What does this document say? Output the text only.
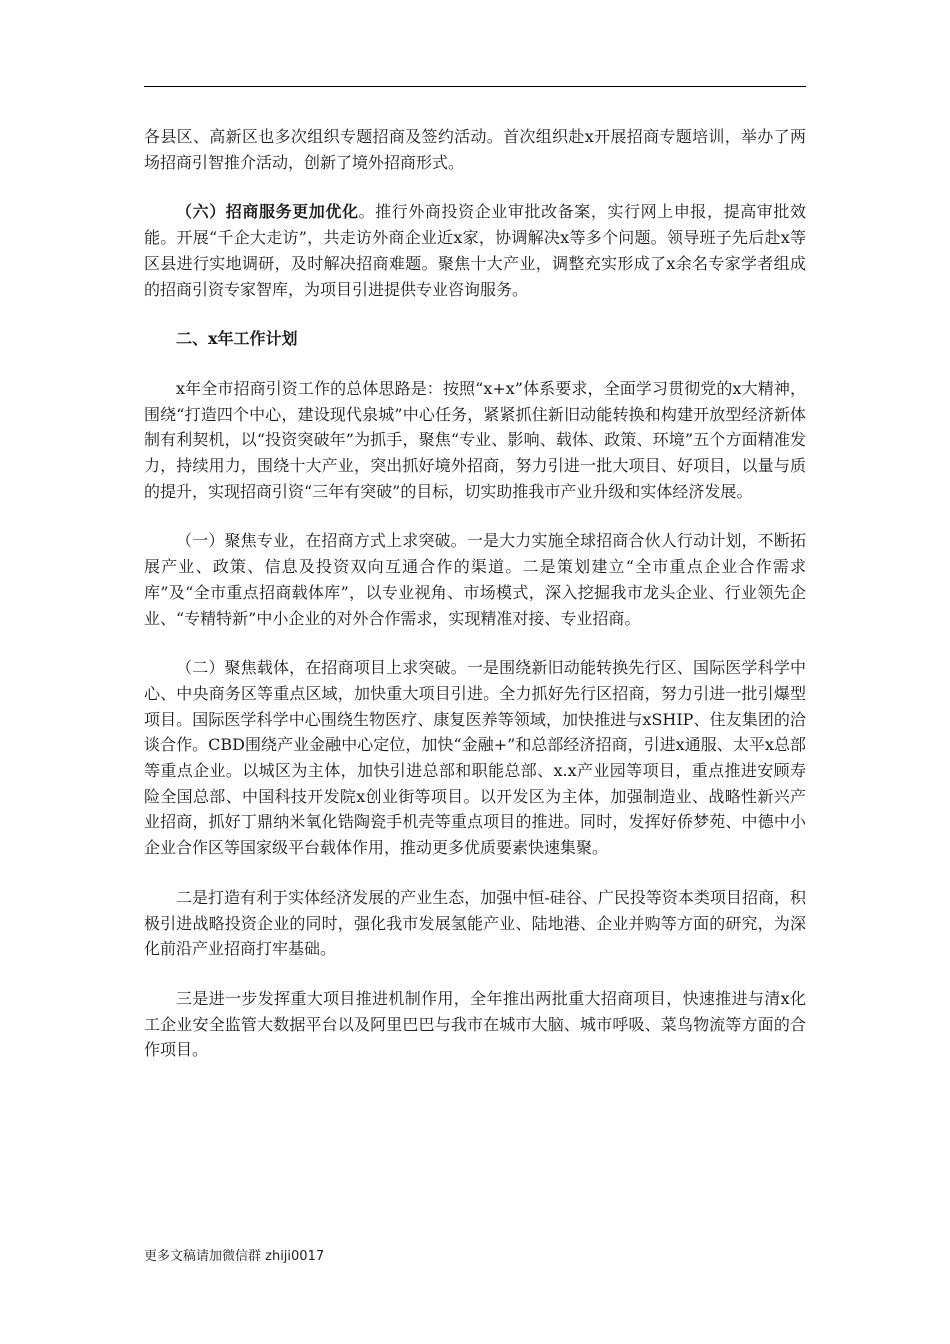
各县区、高新区也多次组织专题招商及签约活动。首次组织赴x开展招商专题培训，举办了两场招商引智推介活动，创新了境外招商形式。

（六）招商服务更加优化。推行外商投资企业审批改备案，实行网上申报，提高审批效能。开展“千企大走访”，共走访外商企业近x家，协调解决x等多个问题。领导班子先后赴x等区县进行实地调研，及时解决招商难题。聚焦十大产业，调整充实形成了x余名专家学者组成的招商引资专家智库，为项目引进提供专业咨询服务。

二、x年工作计划

x年全市招商引资工作的总体思路是：按照“x+x”体系要求，全面学习贯彻党的x大精神，围绕“打造四个中心，建设现代泉城”中心任务，紧紧抓住新旧动能转换和构建开放型经济新体制有利契机，以“投资突破年”为抓手，聚焦“专业、影响、载体、政策、环境”五个方面精准发力，持续用力，围绕十大产业，突出抓好境外招商，努力引进一批大项目、好项目，以量与质的提升，实现招商引资“三年有突破”的目标，切实助推我市产业升级和实体经济发展。

（一）聚焦专业，在招商方式上求突破。一是大力实施全球招商合伙人行动计划，不断拓展产业、政策、信息及投资双向互通合作的渠道。二是策划建立“全市重点企业合作需求库”及“全市重点招商载体库”，以专业视角、市场模式，深入挖掘我市龙头企业、行业领先企业、“专精特新”中小企业的对外合作需求，实现精准对接、专业招商。

（二）聚焦载体，在招商项目上求突破。一是围绕新旧动能转换先行区、国际医学科学中心、中央商务区等重点区域，加快重大项目引进。全力抓好先行区招商，努力引进一批引爆型项目。国际医学科学中心围绕生物医疗、康复医养等领域，加快推进与xSHIP、住友集团的洽谈合作。CBD围绕产业金融中心定位，加快“金融+”和总部经济招商，引进x通服、太平x总部等重点企业。以城区为主体，加快引进总部和职能总部、x.x产业园等项目，重点推进安顾寿险全国总部、中国科技开发院x创业街等项目。以开发区为主体，加强制造业、战略性新兴产业招商，抓好丁鼎纳米氧化锆陶瓷手机壳等重点项目的推进。同时，发挥好侨梦苑、中德中小企业合作区等国家级平台载体作用，推动更多优质要素快速集聚。

二是打造有利于实体经济发展的产业生态，加强中恒-硅谷、广民投等资本类项目招商，积极引进战略投资企业的同时，强化我市发展氢能产业、陆地港、企业并购等方面的研究，为深化前沿产业招商打牢基础。

三是进一步发挥重大项目推进机制作用，全年推出两批重大招商项目，快速推进与清x化工企业安全监管大数据平台以及阿里巴巴与我市在城市大脑、城市呼吸、菜鸟物流等方面的合作项目。

更多文稿请加微信群 zhiji0017
